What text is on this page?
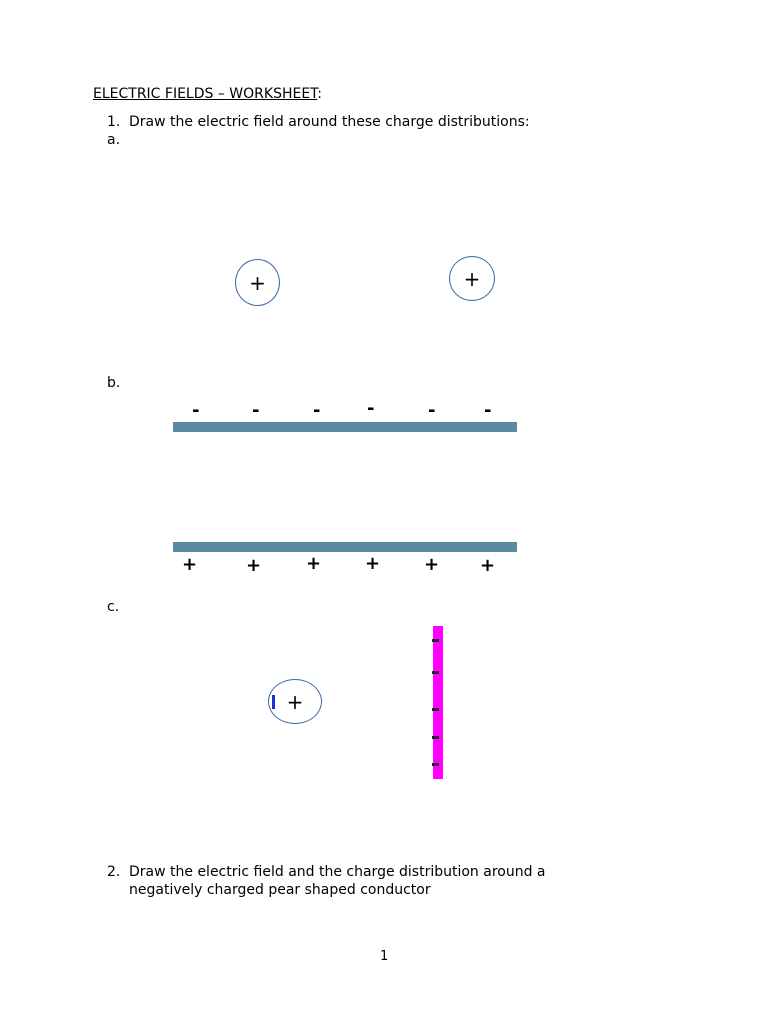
ELECTRIC FIELDS – WORKSHEET:
1. Draw the electric field around these charge distributions:
a.
+	+
b.
-	-	-	-	-	-
+	+ + + + +
c.
+
2. Draw the electric field and the charge distribution around a
negatively charged pear shaped conductor
1
